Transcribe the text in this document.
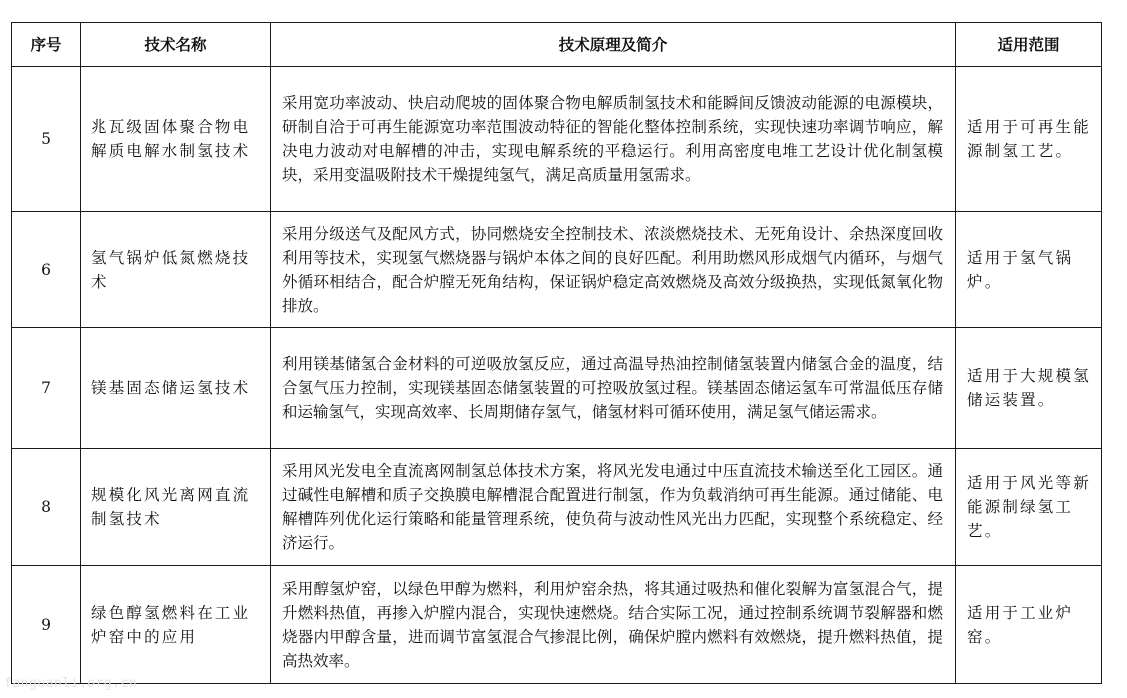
序号	技术名称	技术原理及简介	适用范围
5	兆瓦级固体聚合物电解质电解水制氢技术	采用宽功率波动、快启动爬坡的固体聚合物电解质制氢技术和能瞬间反馈波动能源的电源模块，研制自洽于可再生能源宽功率范围波动特征的智能化整体控制系统，实现快速功率调节响应，解决电力波动对电解槽的冲击，实现电解系统的平稳运行。利用高密度电堆工艺设计优化制氢模块，采用变温吸附技术干燥提纯氢气，满足高质量用氢需求。	适用于可再生能源制氢工艺。
6	氢气锅炉低氮燃烧技术	采用分级送气及配风方式，协同燃烧安全控制技术、浓淡燃烧技术、无死角设计、余热深度回收利用等技术，实现氢气燃烧器与锅炉本体之间的良好匹配。利用助燃风形成烟气内循环，与烟气外循环相结合，配合炉膛无死角结构，保证锅炉稳定高效燃烧及高效分级换热，实现低氮氧化物排放。	适用于氢气锅炉。
7	镁基固态储运氢技术	利用镁基储氢合金材料的可逆吸放氢反应，通过高温导热油控制储氢装置内储氢合金的温度，结合氢气压力控制，实现镁基固态储氢装置的可控吸放氢过程。镁基固态储运氢车可常温低压存储和运输氢气，实现高效率、长周期储存氢气，储氢材料可循环使用，满足氢气储运需求。	适用于大规模氢储运装置。
8	规模化风光离网直流制氢技术	采用风光发电全直流离网制氢总体技术方案，将风光发电通过中压直流技术输送至化工园区。通过碱性电解槽和质子交换膜电解槽混合配置进行制氢，作为负载消纳可再生能源。通过储能、电解槽阵列优化运行策略和能量管理系统，使负荷与波动性风光出力匹配，实现整个系统稳定、经济运行。	适用于风光等新能源制绿氢工艺。
9	绿色醇氢燃料在工业炉窑中的应用	采用醇氢炉窑，以绿色甲醇为燃料，利用炉窑余热，将其通过吸热和催化裂解为富氢混合气，提升燃料热值，再掺入炉膛内混合，实现快速燃烧。结合实际工况，通过控制系统调节裂解器和燃烧器内甲醇含量，进而调节富氢混合气掺混比例，确保炉膛内燃料有效燃烧，提升燃料热值，提高热效率。	适用于工业炉窑。
fanguanli.org.cn
